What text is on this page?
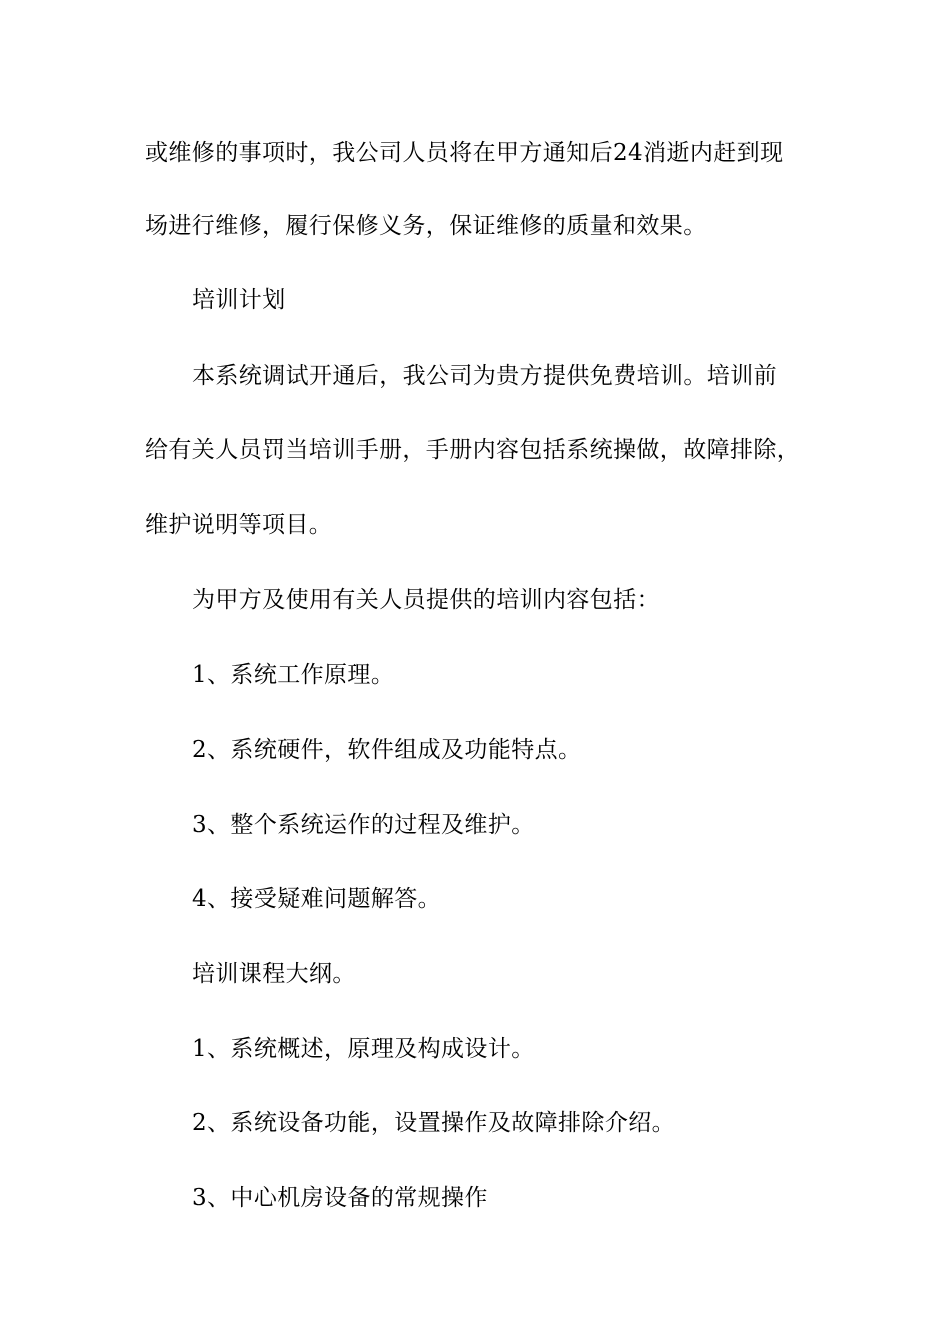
或维修的事项时，我公司人员将在甲方通知后24消逝内赶到现
场进行维修，履行保修义务，保证维修的质量和效果。
培训计划
本系统调试开通后，我公司为贵方提供免费培训。培训前
给有关人员罚当培训手册，手册内容包括系统操做，故障排除，
维护说明等项目。
为甲方及使用有关人员提供的培训内容包括：
1、系统工作原理。
2、系统硬件，软件组成及功能特点。
3、整个系统运作的过程及维护。
4、接受疑难问题解答。
培训课程大纲。
1、系统概述，原理及构成设计。
2、系统设备功能，设置操作及故障排除介绍。
3、中心机房设备的常规操作
